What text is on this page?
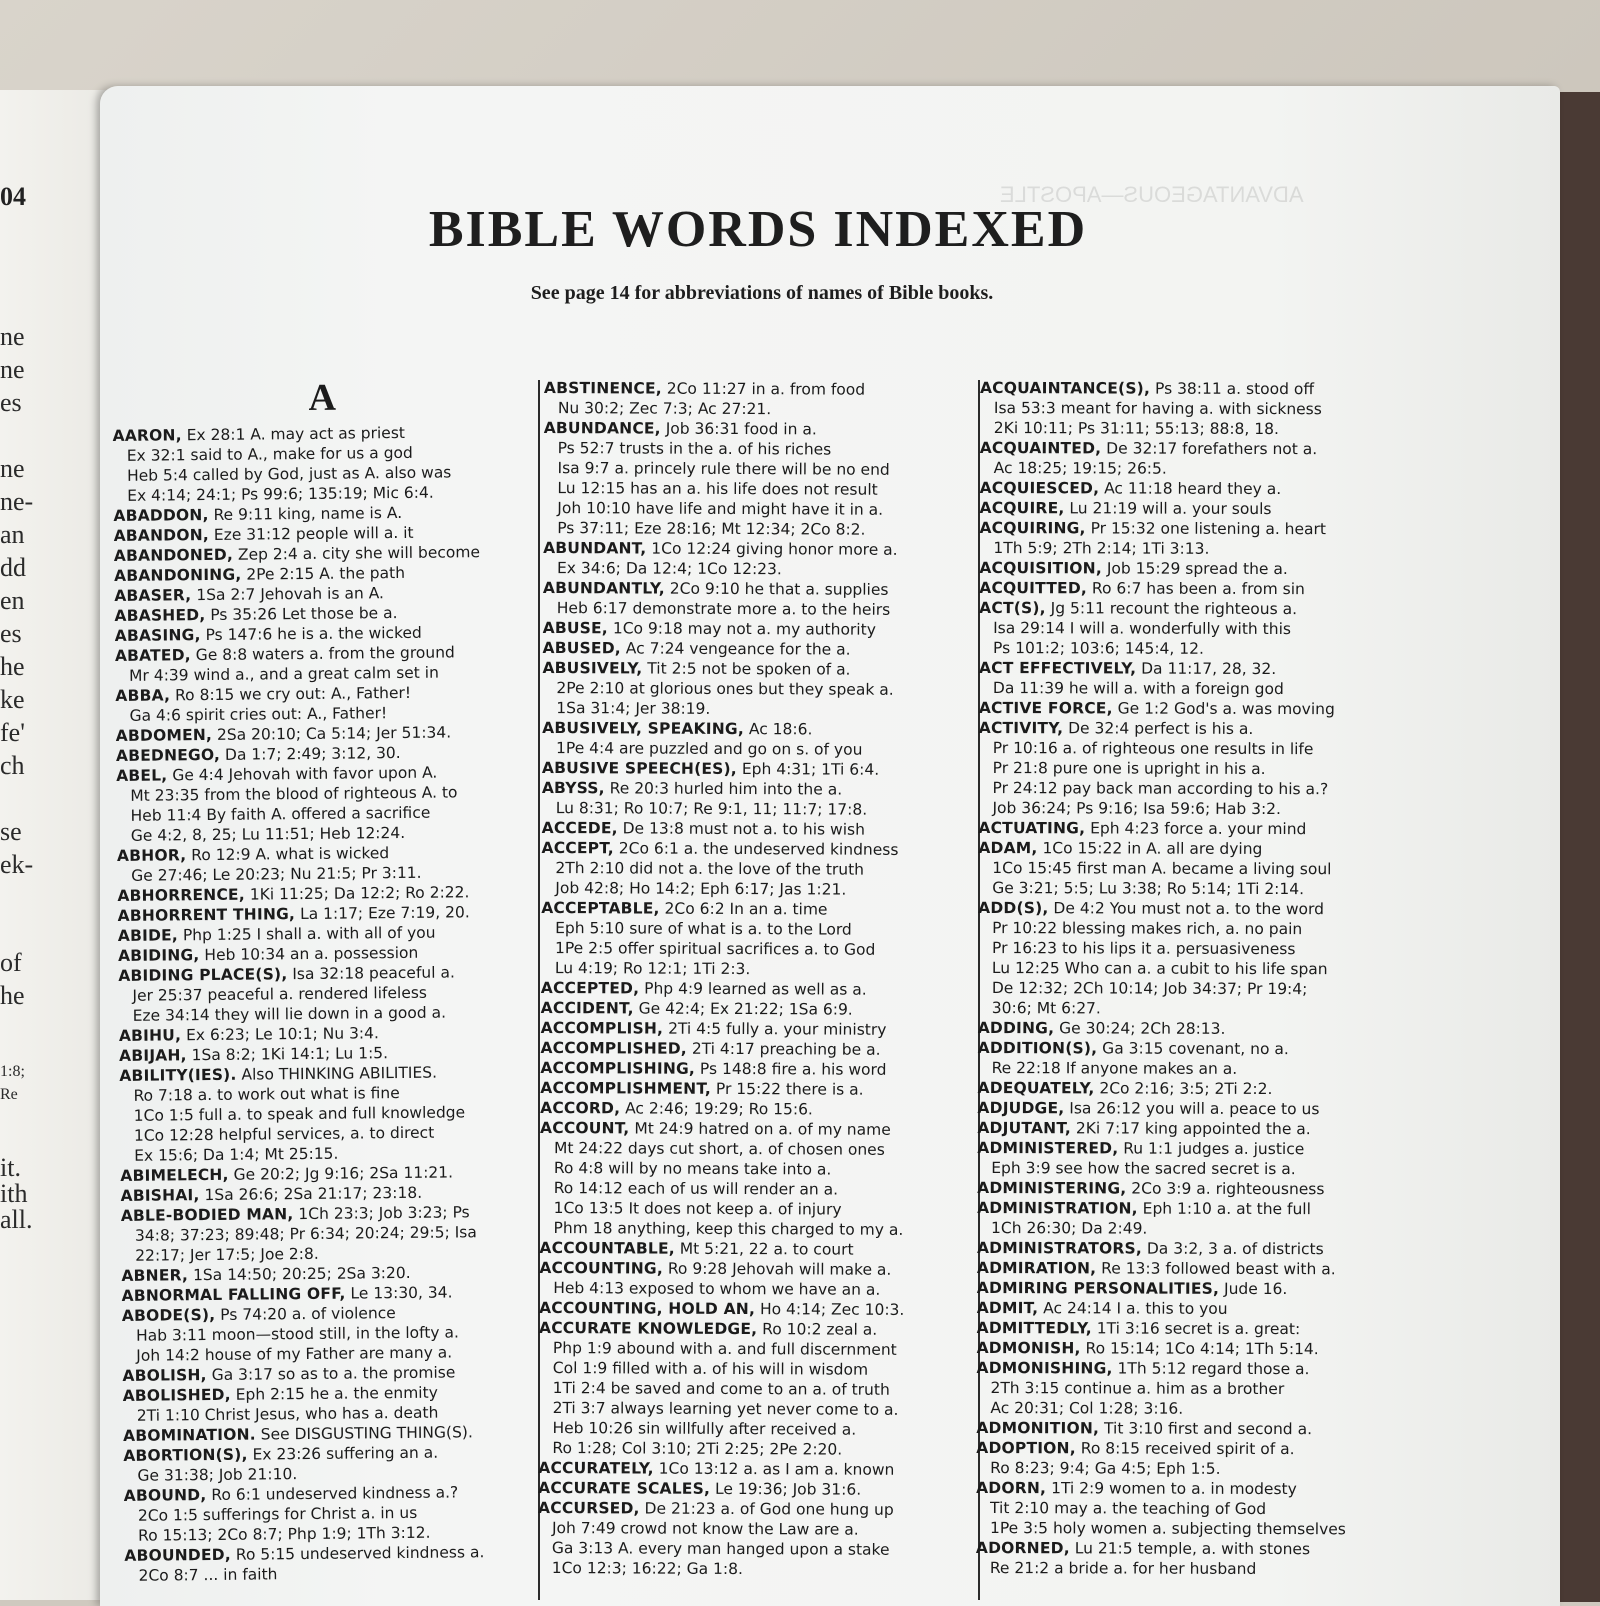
04
ne
ne
es
ne
ne-
an
dd
en
es
he
ke
fe'
ch
se
ek-
of
he
1:8;
Re
it.
ith
all.
ADVANTAGEOUS—APOSTLE
BIBLE WORDS INDEXED
See page 14 for abbreviations of names of Bible books.
A
AARON, Ex 28:1 A. may act as priest
Ex 32:1 said to A., make for us a god
Heb 5:4 called by God, just as A. also was
Ex 4:14; 24:1; Ps 99:6; 135:19; Mic 6:4.
ABADDON, Re 9:11 king, name is A.
ABANDON, Eze 31:12 people will a. it
ABANDONED, Zep 2:4 a. city she will become
ABANDONING, 2Pe 2:15 A. the path
ABASER, 1Sa 2:7 Jehovah is an A.
ABASHED, Ps 35:26 Let those be a.
ABASING, Ps 147:6 he is a. the wicked
ABATED, Ge 8:8 waters a. from the ground
Mr 4:39 wind a., and a great calm set in
ABBA, Ro 8:15 we cry out: A., Father!
Ga 4:6 spirit cries out: A., Father!
ABDOMEN, 2Sa 20:10; Ca 5:14; Jer 51:34.
ABEDNEGO, Da 1:7; 2:49; 3:12, 30.
ABEL, Ge 4:4 Jehovah with favor upon A.
Mt 23:35 from the blood of righteous A. to
Heb 11:4 By faith A. offered a sacrifice
Ge 4:2, 8, 25; Lu 11:51; Heb 12:24.
ABHOR, Ro 12:9 A. what is wicked
Ge 27:46; Le 20:23; Nu 21:5; Pr 3:11.
ABHORRENCE, 1Ki 11:25; Da 12:2; Ro 2:22.
ABHORRENT THING, La 1:17; Eze 7:19, 20.
ABIDE, Php 1:25 I shall a. with all of you
ABIDING, Heb 10:34 an a. possession
ABIDING PLACE(S), Isa 32:18 peaceful a.
Jer 25:37 peaceful a. rendered lifeless
Eze 34:14 they will lie down in a good a.
ABIHU, Ex 6:23; Le 10:1; Nu 3:4.
ABIJAH, 1Sa 8:2; 1Ki 14:1; Lu 1:5.
ABILITY(IES). Also THINKING ABILITIES.
Ro 7:18 a. to work out what is fine
1Co 1:5 full a. to speak and full knowledge
1Co 12:28 helpful services, a. to direct
Ex 15:6; Da 1:4; Mt 25:15.
ABIMELECH, Ge 20:2; Jg 9:16; 2Sa 11:21.
ABISHAI, 1Sa 26:6; 2Sa 21:17; 23:18.
ABLE-BODIED MAN, 1Ch 23:3; Job 3:23; Ps
34:8; 37:23; 89:48; Pr 6:34; 20:24; 29:5; Isa
22:17; Jer 17:5; Joe 2:8.
ABNER, 1Sa 14:50; 20:25; 2Sa 3:20.
ABNORMAL FALLING OFF, Le 13:30, 34.
ABODE(S), Ps 74:20 a. of violence
Hab 3:11 moon—stood still, in the lofty a.
Joh 14:2 house of my Father are many a.
ABOLISH, Ga 3:17 so as to a. the promise
ABOLISHED, Eph 2:15 he a. the enmity
2Ti 1:10 Christ Jesus, who has a. death
ABOMINATION. See DISGUSTING THING(S).
ABORTION(S), Ex 23:26 suffering an a.
Ge 31:38; Job 21:10.
ABOUND, Ro 6:1 undeserved kindness a.?
2Co 1:5 sufferings for Christ a. in us
Ro 15:13; 2Co 8:7; Php 1:9; 1Th 3:12.
ABOUNDED, Ro 5:15 undeserved kindness a.
2Co 8:7 ... in faith
ABSTINENCE, 2Co 11:27 in a. from food
Nu 30:2; Zec 7:3; Ac 27:21.
ABUNDANCE, Job 36:31 food in a.
Ps 52:7 trusts in the a. of his riches
Isa 9:7 a. princely rule there will be no end
Lu 12:15 has an a. his life does not result
Joh 10:10 have life and might have it in a.
Ps 37:11; Eze 28:16; Mt 12:34; 2Co 8:2.
ABUNDANT, 1Co 12:24 giving honor more a.
Ex 34:6; Da 12:4; 1Co 12:23.
ABUNDANTLY, 2Co 9:10 he that a. supplies
Heb 6:17 demonstrate more a. to the heirs
ABUSE, 1Co 9:18 may not a. my authority
ABUSED, Ac 7:24 vengeance for the a.
ABUSIVELY, Tit 2:5 not be spoken of a.
2Pe 2:10 at glorious ones but they speak a.
1Sa 31:4; Jer 38:19.
ABUSIVELY, SPEAKING, Ac 18:6.
1Pe 4:4 are puzzled and go on s. of you
ABUSIVE SPEECH(ES), Eph 4:31; 1Ti 6:4.
ABYSS, Re 20:3 hurled him into the a.
Lu 8:31; Ro 10:7; Re 9:1, 11; 11:7; 17:8.
ACCEDE, De 13:8 must not a. to his wish
ACCEPT, 2Co 6:1 a. the undeserved kindness
2Th 2:10 did not a. the love of the truth
Job 42:8; Ho 14:2; Eph 6:17; Jas 1:21.
ACCEPTABLE, 2Co 6:2 In an a. time
Eph 5:10 sure of what is a. to the Lord
1Pe 2:5 offer spiritual sacrifices a. to God
Lu 4:19; Ro 12:1; 1Ti 2:3.
ACCEPTED, Php 4:9 learned as well as a.
ACCIDENT, Ge 42:4; Ex 21:22; 1Sa 6:9.
ACCOMPLISH, 2Ti 4:5 fully a. your ministry
ACCOMPLISHED, 2Ti 4:17 preaching be a.
ACCOMPLISHING, Ps 148:8 fire a. his word
ACCOMPLISHMENT, Pr 15:22 there is a.
ACCORD, Ac 2:46; 19:29; Ro 15:6.
ACCOUNT, Mt 24:9 hatred on a. of my name
Mt 24:22 days cut short, a. of chosen ones
Ro 4:8 will by no means take into a.
Ro 14:12 each of us will render an a.
1Co 13:5 It does not keep a. of injury
Phm 18 anything, keep this charged to my a.
ACCOUNTABLE, Mt 5:21, 22 a. to court
ACCOUNTING, Ro 9:28 Jehovah will make a.
Heb 4:13 exposed to whom we have an a.
ACCOUNTING, HOLD AN, Ho 4:14; Zec 10:3.
ACCURATE KNOWLEDGE, Ro 10:2 zeal a.
Php 1:9 abound with a. and full discernment
Col 1:9 filled with a. of his will in wisdom
1Ti 2:4 be saved and come to an a. of truth
2Ti 3:7 always learning yet never come to a.
Heb 10:26 sin willfully after received a.
Ro 1:28; Col 3:10; 2Ti 2:25; 2Pe 2:20.
ACCURATELY, 1Co 13:12 a. as I am a. known
ACCURATE SCALES, Le 19:36; Job 31:6.
ACCURSED, De 21:23 a. of God one hung up
Joh 7:49 crowd not know the Law are a.
Ga 3:13 A. every man hanged upon a stake
1Co 12:3; 16:22; Ga 1:8.
ACQUAINTANCE(S), Ps 38:11 a. stood off
Isa 53:3 meant for having a. with sickness
2Ki 10:11; Ps 31:11; 55:13; 88:8, 18.
ACQUAINTED, De 32:17 forefathers not a.
Ac 18:25; 19:15; 26:5.
ACQUIESCED, Ac 11:18 heard they a.
ACQUIRE, Lu 21:19 will a. your souls
ACQUIRING, Pr 15:32 one listening a. heart
1Th 5:9; 2Th 2:14; 1Ti 3:13.
ACQUISITION, Job 15:29 spread the a.
ACQUITTED, Ro 6:7 has been a. from sin
ACT(S), Jg 5:11 recount the righteous a.
Isa 29:14 I will a. wonderfully with this
Ps 101:2; 103:6; 145:4, 12.
ACT EFFECTIVELY, Da 11:17, 28, 32.
Da 11:39 he will a. with a foreign god
ACTIVE FORCE, Ge 1:2 God's a. was moving
ACTIVITY, De 32:4 perfect is his a.
Pr 10:16 a. of righteous one results in life
Pr 21:8 pure one is upright in his a.
Pr 24:12 pay back man according to his a.?
Job 36:24; Ps 9:16; Isa 59:6; Hab 3:2.
ACTUATING, Eph 4:23 force a. your mind
ADAM, 1Co 15:22 in A. all are dying
1Co 15:45 first man A. became a living soul
Ge 3:21; 5:5; Lu 3:38; Ro 5:14; 1Ti 2:14.
ADD(S), De 4:2 You must not a. to the word
Pr 10:22 blessing makes rich, a. no pain
Pr 16:23 to his lips it a. persuasiveness
Lu 12:25 Who can a. a cubit to his life span
De 12:32; 2Ch 10:14; Job 34:37; Pr 19:4;
30:6; Mt 6:27.
ADDING, Ge 30:24; 2Ch 28:13.
ADDITION(S), Ga 3:15 covenant, no a.
Re 22:18 If anyone makes an a.
ADEQUATELY, 2Co 2:16; 3:5; 2Ti 2:2.
ADJUDGE, Isa 26:12 you will a. peace to us
ADJUTANT, 2Ki 7:17 king appointed the a.
ADMINISTERED, Ru 1:1 judges a. justice
Eph 3:9 see how the sacred secret is a.
ADMINISTERING, 2Co 3:9 a. righteousness
ADMINISTRATION, Eph 1:10 a. at the full
1Ch 26:30; Da 2:49.
ADMINISTRATORS, Da 3:2, 3 a. of districts
ADMIRATION, Re 13:3 followed beast with a.
ADMIRING PERSONALITIES, Jude 16.
ADMIT, Ac 24:14 I a. this to you
ADMITTEDLY, 1Ti 3:16 secret is a. great:
ADMONISH, Ro 15:14; 1Co 4:14; 1Th 5:14.
ADMONISHING, 1Th 5:12 regard those a.
2Th 3:15 continue a. him as a brother
Ac 20:31; Col 1:28; 3:16.
ADMONITION, Tit 3:10 first and second a.
ADOPTION, Ro 8:15 received spirit of a.
Ro 8:23; 9:4; Ga 4:5; Eph 1:5.
ADORN, 1Ti 2:9 women to a. in modesty
Tit 2:10 may a. the teaching of God
1Pe 3:5 holy women a. subjecting themselves
ADORNED, Lu 21:5 temple, a. with stones
Re 21:2 a bride a. for her husband
